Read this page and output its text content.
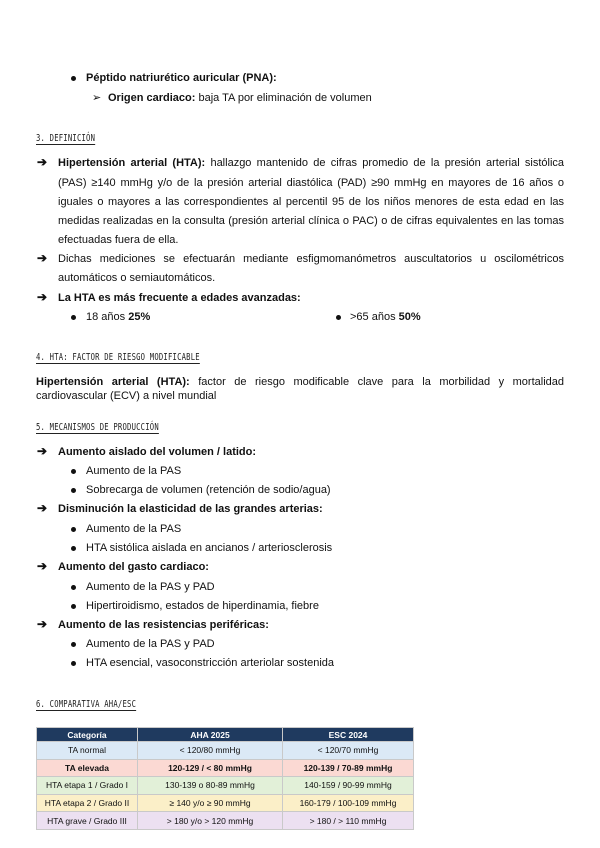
Péptido natriurético auricular (PNA):
➢ Origen cardiaco: baja TA por eliminación de volumen
3. DEFINICIÓN
➔ Hipertensión arterial (HTA): hallazgo mantenido de cifras promedio de la presión arterial sistólica
(PAS) ≥140 mmHg y/o de la presión arterial diastólica (PAD) ≥90 mmHg en mayores de 16 años o
iguales o mayores a las correspondientes al percentil 95 de los niños menores de esta edad en las
medidas realizadas en la consulta (presión arterial clínica o PAC) o de cifras equivalentes en las tomas
efectuadas fuera de ella.
➔ Dichas mediciones se efectuarán mediante esfigmomanómetros auscultatorios u oscilométricos
automáticos o semiautomáticos.
➔ La HTA es más frecuente a edades avanzadas:
18 años 25%	>65 años 50%
4. HTA: FACTOR DE RIESGO MODIFICABLE
Hipertensión arterial (HTA): factor de riesgo modificable clave para la morbilidad y mortalidad
cardiovascular (ECV) a nivel mundial
5. MECANISMOS DE PRODUCCIÓN
➔ Aumento aislado del volumen / latido:
Aumento de la PAS
Sobrecarga de volumen (retención de sodio/agua)
➔ Disminución la elasticidad de las grandes arterias:
Aumento de la PAS
HTA sistólica aislada en ancianos / arteriosclerosis
➔ Aumento del gasto cardiaco:
Aumento de la PAS y PAD
Hipertiroidismo, estados de hiperdinamia, fiebre
➔ Aumento de las resistencias periféricas:
Aumento de la PAS y PAD
HTA esencial, vasoconstricción arteriolar sostenida
6. COMPARATIVA AHA/ESC
Categoría	AHA 2025	ESC 2024
TA normal	< 120/80 mmHg	< 120/70 mmHg
TA elevada	120-129 / < 80 mmHg	120-139 / 70-89 mmHg
HTA etapa 1 / Grado I	130-139 o 80-89 mmHg	140-159 / 90-99 mmHg
HTA etapa 2 / Grado II	≥ 140 y/o ≥ 90 mmHg	160-179 / 100-109 mmHg
HTA grave / Grado III	> 180 y/o > 120 mmHg	> 180 / > 110 mmHg
